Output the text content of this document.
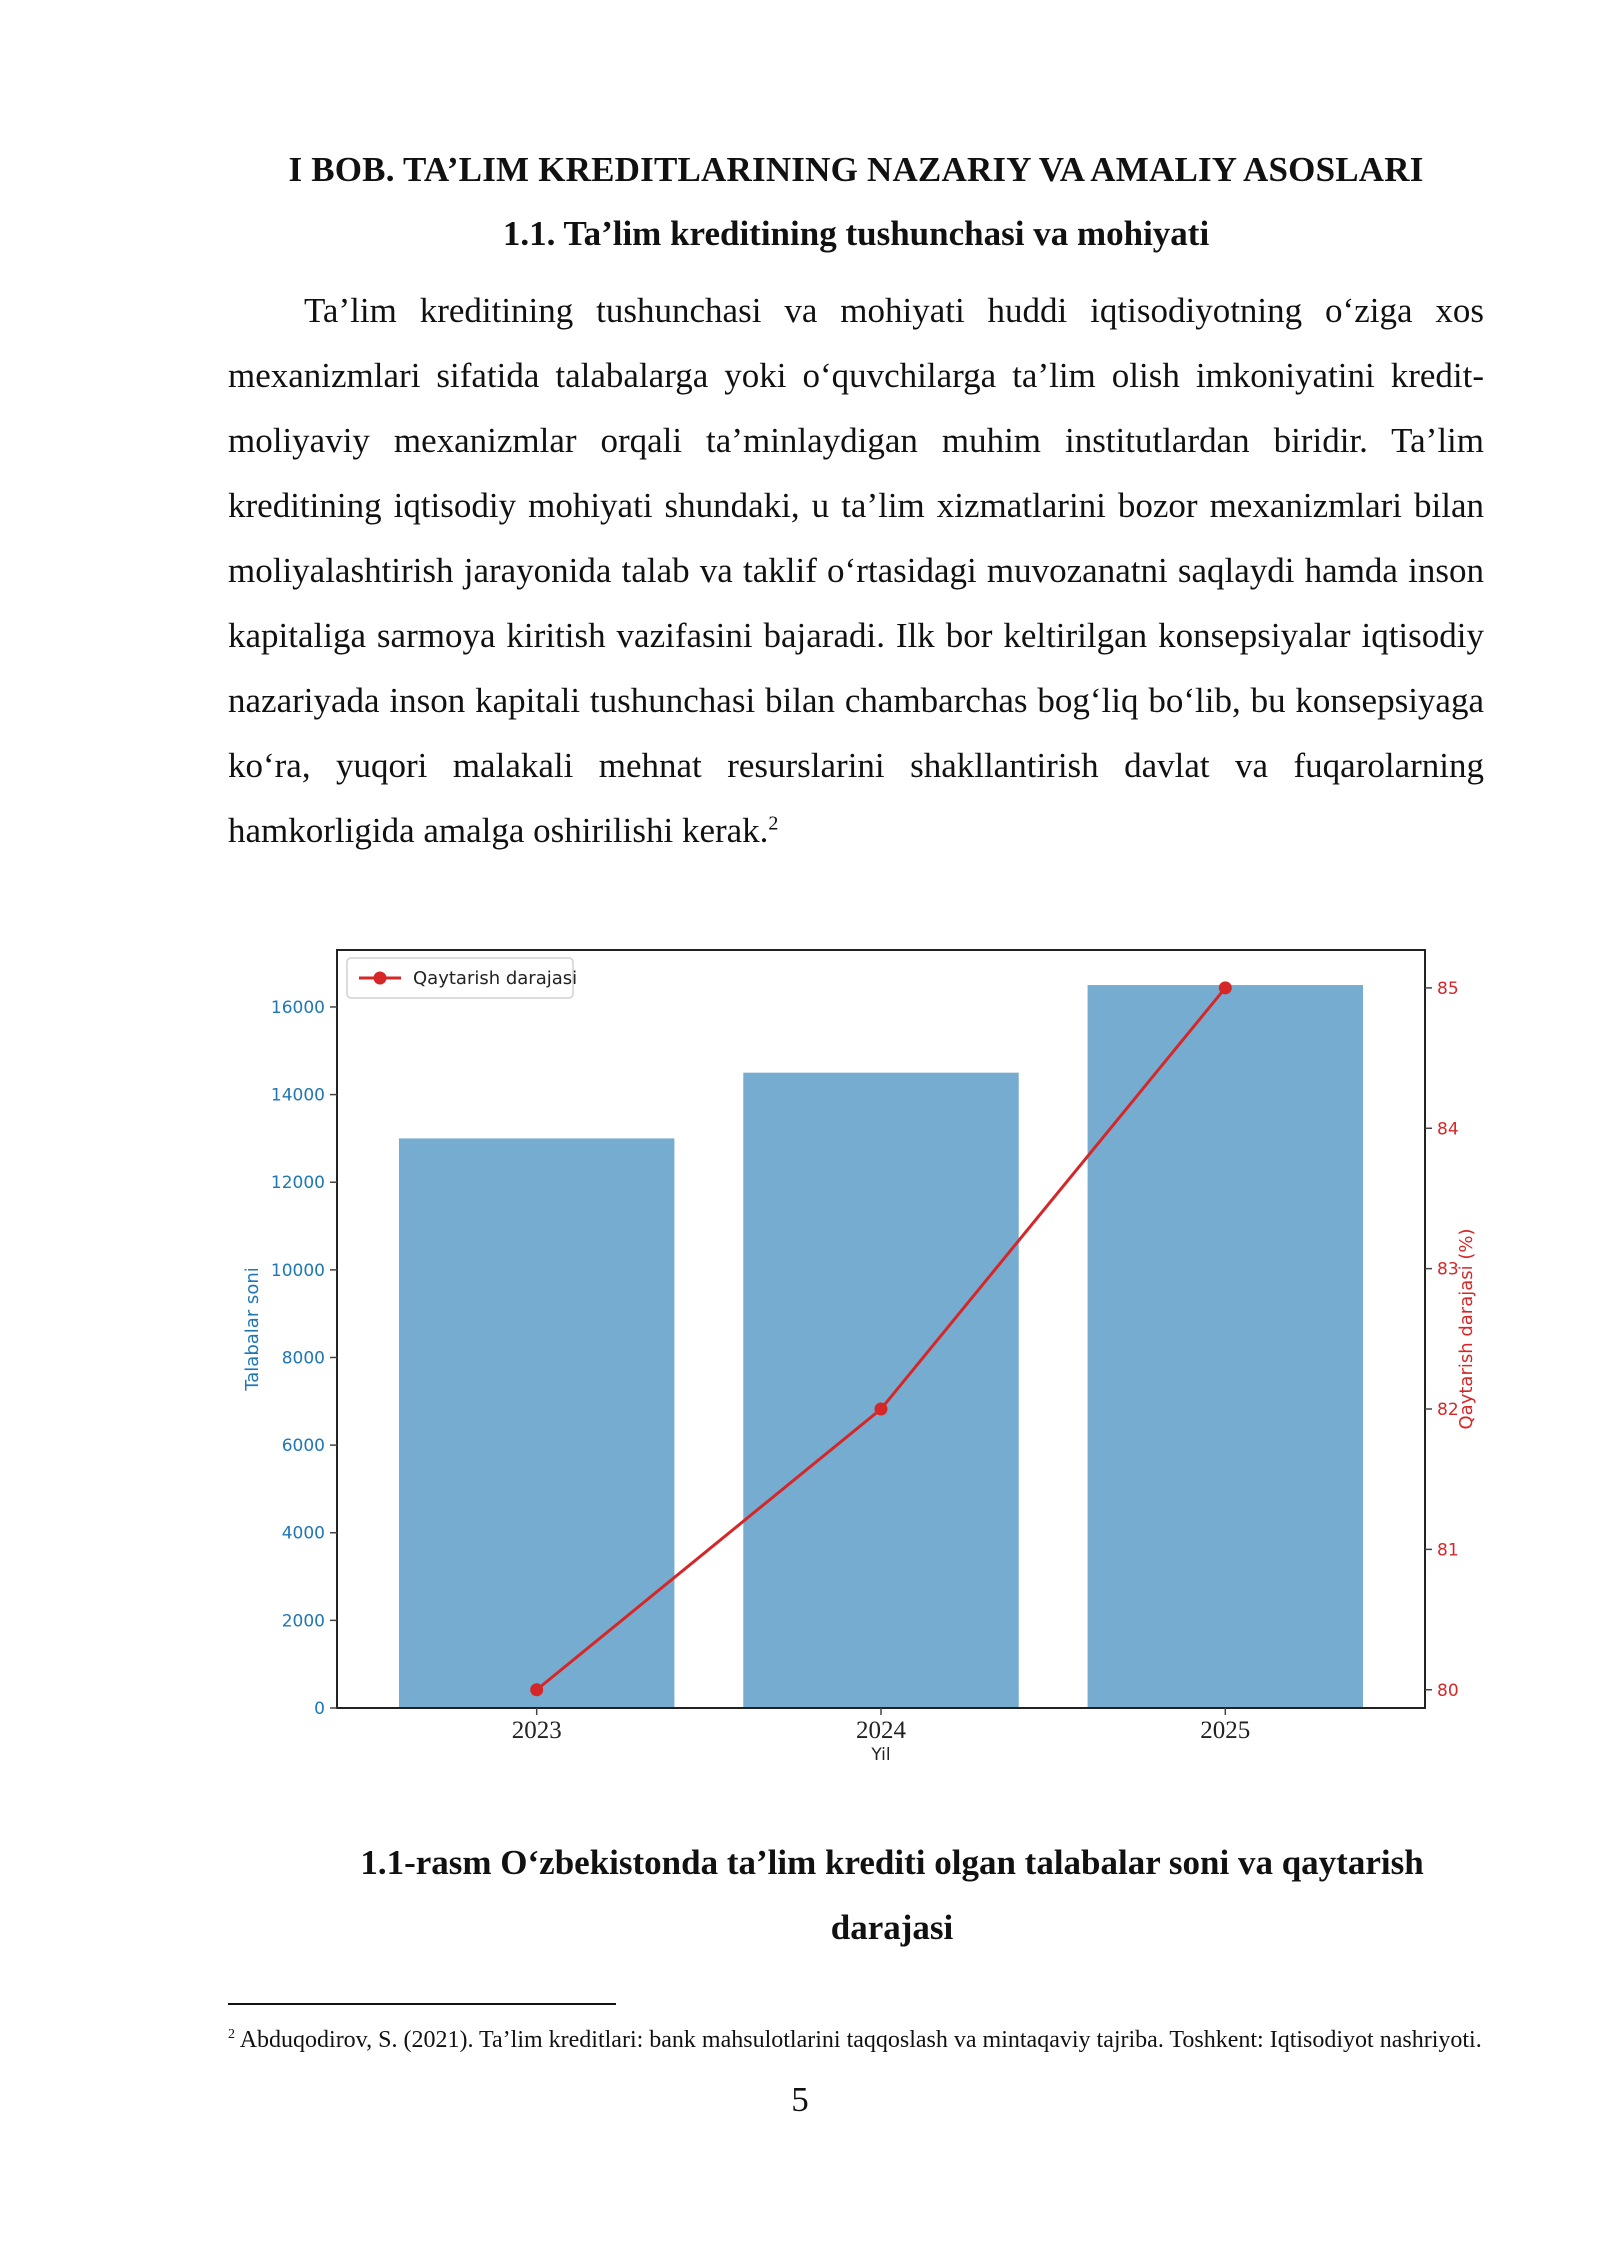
I BOB. TA’LIM KREDITLARINING NAZARIY VA AMALIY ASOSLARI
1.1. Ta’lim kreditining tushunchasi va mohiyati

Ta’lim kreditining tushunchasi va mohiyati huddi iqtisodiyotning o‘ziga xos mexanizmlari sifatida talabalarga yoki o‘quvchilarga ta’lim olish imkoniyatini kredit-moliyaviy mexanizmlar orqali ta’minlaydigan muhim institutlardan biridir. Ta’lim kreditining iqtisodiy mohiyati shundaki, u ta’lim xizmatlarini bozor mexanizmlari bilan moliyalashtirish jarayonida talab va taklif o‘rtasidagi muvozanatni saqlaydi hamda inson kapitaliga sarmoya kiritish vazifasini bajaradi. Ilk bor keltirilgan konsepsiyalar iqtisodiy nazariyada inson kapitali tushunchasi bilan chambarchas bog‘liq bo‘lib, bu konsepsiyaga ko‘ra, yuqori malakali mehnat resurslarini shakllantirish davlat va fuqarolarning hamkorligida amalga oshirilishi kerak.$^2$

0
2000
4000
6000
8000
10000
12000
14000
16000
80
81
82
83
84
85
2023	2024	2025
Yil
Talabalar soni	Qaytarish darajasi (%)
Qaytarish darajasi

1.1-rasm O‘zbekistonda ta’lim krediti olgan talabalar soni va qaytarish darajasi

$^2$ Abduqodirov, S. (2021). Ta’lim kreditlari: bank mahsulotlarini taqqoslash va mintaqaviy tajriba. Toshkent: Iqtisodiyot nashriyoti.

5
